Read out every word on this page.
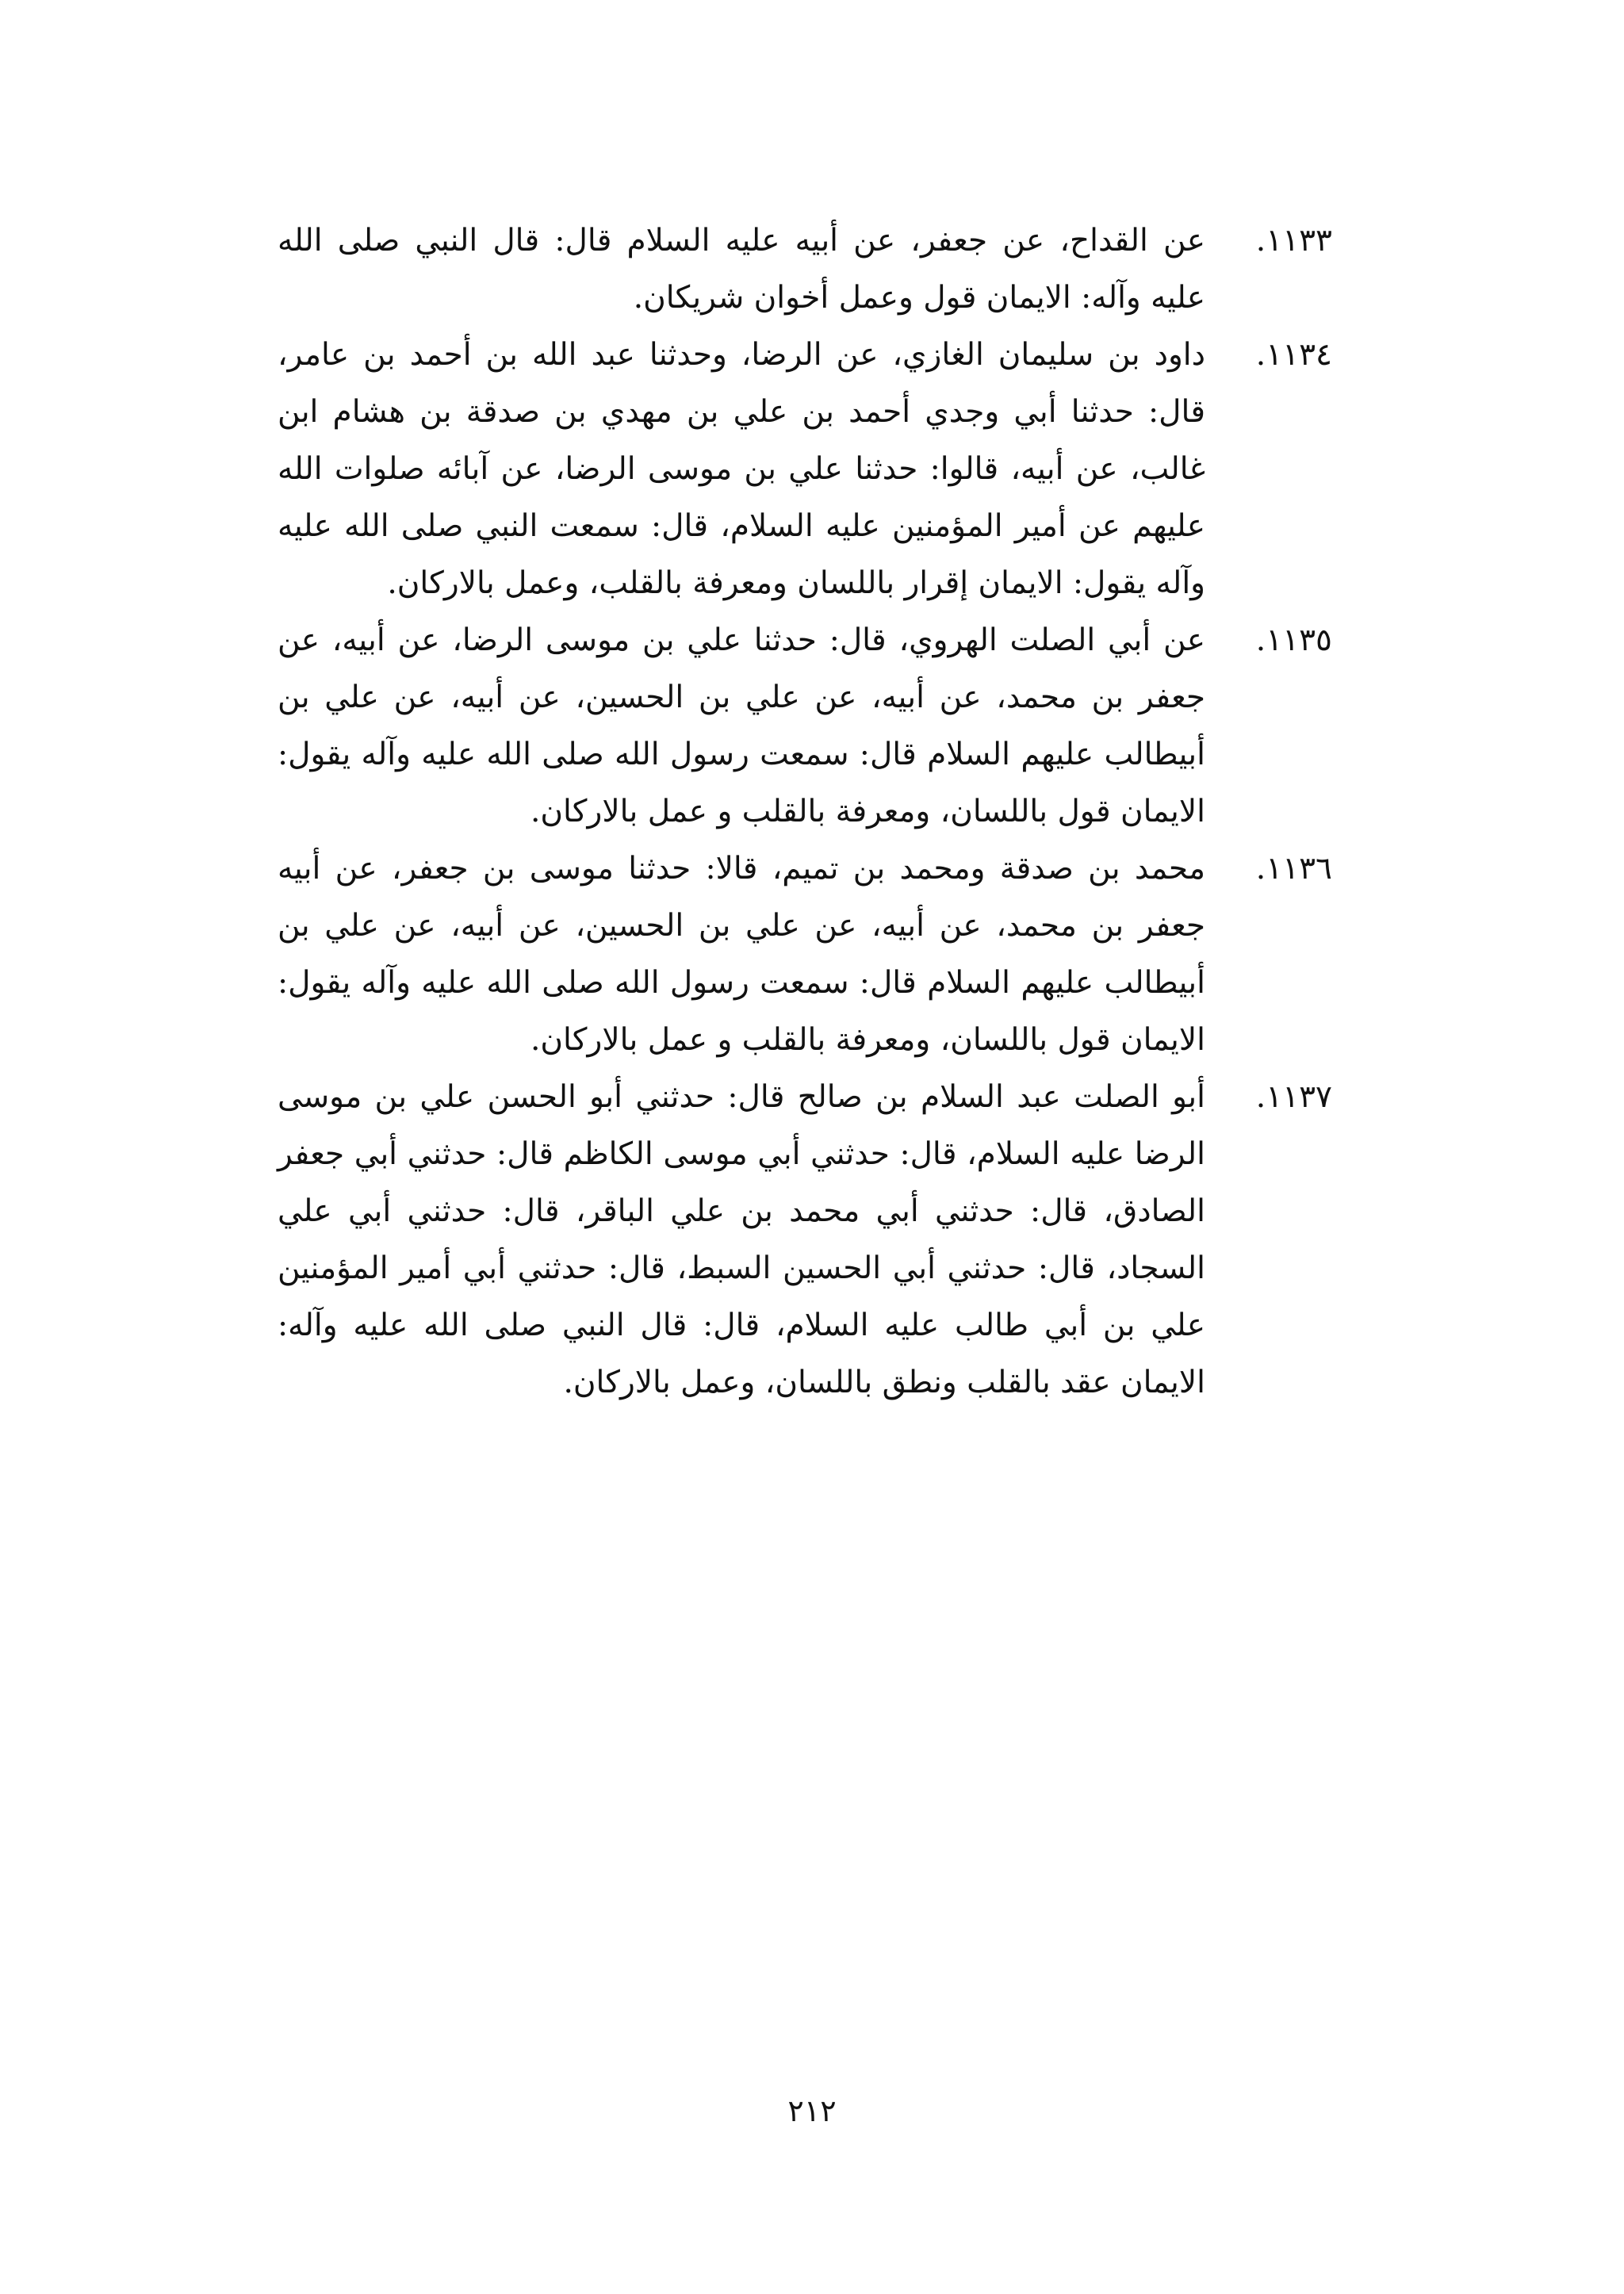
١١٣٣.عن القداح، عن جعفر، عن أبيه عليه السلام قال: قال النبي صلى الله عليه وآله: الايمان قول وعمل أخوان شريكان.

١١٣٤.داود بن سليمان الغازي، عن الرضا، وحدثنا عبد الله بن أحمد بن عامر، قال: حدثنا أبي وجدي أحمد بن علي بن مهدي بن صدقة بن هشام ابن غالب، عن أبيه، قالوا: حدثنا علي بن موسى الرضا، عن آبائه صلوات الله عليهم عن أمير المؤمنين عليه السلام، قال: سمعت النبي صلى الله عليه وآله يقول: الايمان إقرار باللسان ومعرفة بالقلب، وعمل بالاركان.

١١٣٥.عن أبي الصلت الهروي، قال: حدثنا علي بن موسى الرضا، عن أبيه، عن جعفر بن محمد، عن أبيه، عن علي بن الحسين، عن أبيه، عن علي بن أبيطالب عليهم السلام قال: سمعت رسول الله صلى الله عليه وآله يقول: الايمان قول باللسان، ومعرفة بالقلب و عمل بالاركان.

١١٣٦.محمد بن صدقة ومحمد بن تميم، قالا: حدثنا موسى بن جعفر، عن أبيه جعفر بن محمد، عن أبيه، عن علي بن الحسين، عن أبيه، عن علي بن أبيطالب عليهم السلام قال: سمعت رسول الله صلى الله عليه وآله يقول: الايمان قول باللسان، ومعرفة بالقلب و عمل بالاركان.

١١٣٧.أبو الصلت عبد السلام بن صالح قال: حدثني أبو الحسن علي بن موسى الرضا عليه السلام، قال: حدثني أبي موسى الكاظم قال: حدثني أبي جعفر الصادق، قال: حدثني أبي محمد بن علي الباقر، قال: حدثني أبي علي السجاد، قال: حدثني أبي الحسين السبط، قال: حدثني أبي أمير المؤمنين علي بن أبي طالب عليه السلام، قال: قال النبي صلى الله عليه وآله: الايمان عقد بالقلب ونطق باللسان، وعمل بالاركان.

٢١٢
